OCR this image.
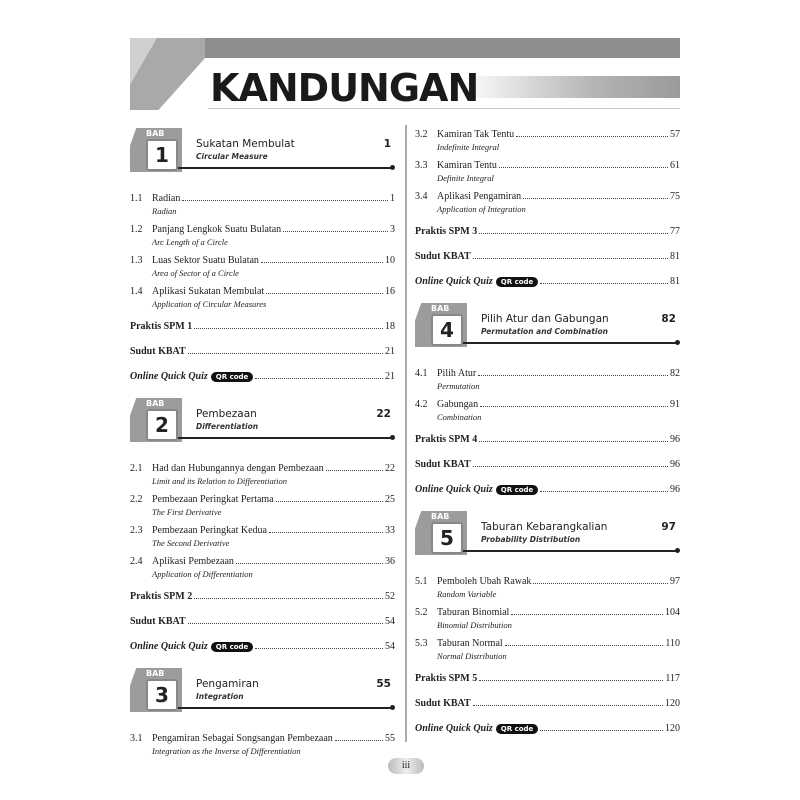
KANDUNGAN
BAB
1	Sukatan Membulat
Circular Measure
1
1.1 Radian	1
Radian
1.2 Panjang Lengkok Suatu Bulatan	3
Arc Length of a Circle
1.3 Luas Sektor Suatu Bulatan	10
Area of Sector of a Circle
1.4 Aplikasi Sukatan Membulat	16
Application of Circular Measures
Praktis SPM 1	18
Sudut KBAT	21
Online Quick Quiz	QR code	21
BAB
2	Pembezaan
Differentiation
22
2.1 Had dan Hubungannya dengan Pembezaan	22
Limit and its Relation to Differentiation
2.2 Pembezaan Peringkat Pertama	25
The First Derivative
2.3 Pembezaan Peringkat Kedua	33
The Second Derivative
2.4 Aplikasi Pembezaan	36
Application of Differentiation
Praktis SPM 2	52
Sudut KBAT	54
Online Quick Quiz	QR code	54
BAB
3	Pengamiran
Integration
55
3.1 Pengamiran Sebagai Songsangan Pembezaan	55
Integration as the Inverse of Differentiation
3.2 Kamiran Tak Tentu	57
Indefinite Integral
3.3 Kamiran Tentu	61
Definite Integral
3.4 Aplikasi Pengamiran	75
Application of Integration
Praktis SPM 3	77
Sudut KBAT	81
Online Quick Quiz	QR code	81
BAB
4	Pilih Atur dan Gabungan
Permutation and Combination
82
4.1 Pilih Atur	82
Permutation
4.2 Gabungan	91
Combination
Praktis SPM 4	96
Sudut KBAT	96
Online Quick Quiz	QR code	96
BAB
5	Taburan Kebarangkalian
Probability Distribution
97
5.1 Pemboleh Ubah Rawak	97
Random Variable
5.2 Taburan Binomial	104
Binomial Distribution
5.3 Taburan Normal	110
Normal Distribution
Praktis SPM 5	117
Sudut KBAT	120
Online Quick Quiz	QR code	120
iii
